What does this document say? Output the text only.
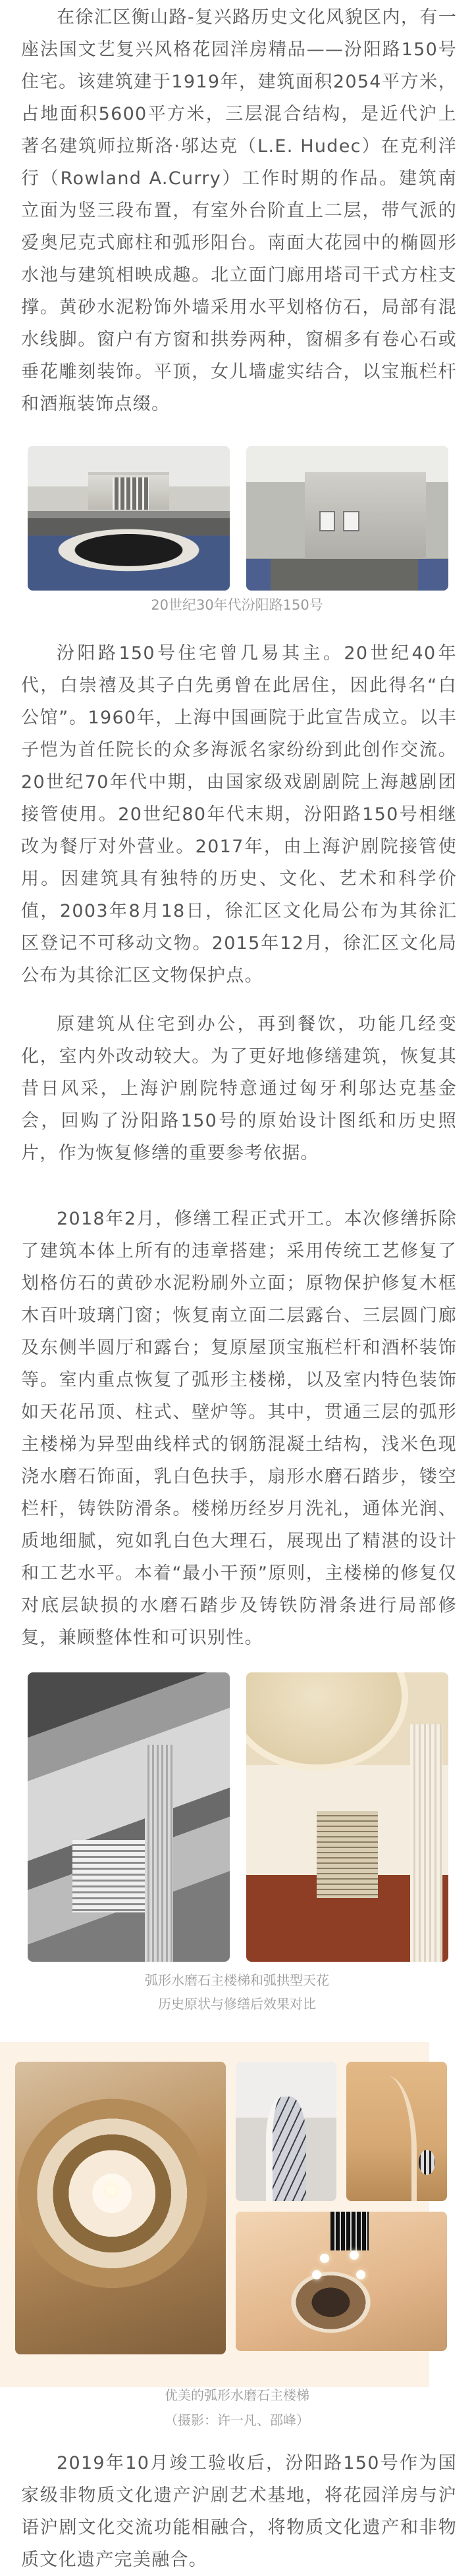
在徐汇区衡山路-复兴路历史文化风貌区内，有一座法国文艺复兴风格花园洋房精品——汾阳路150号住宅。该建筑建于1919年，建筑面积2054平方米，占地面积5600平方米，三层混合结构，是近代沪上著名建筑师拉斯洛·邬达克（L.E. Hudec）在克利洋行（Rowland A.Curry）工作时期的作品。建筑南立面为竖三段布置，有室外台阶直上二层，带气派的爱奥尼克式廊柱和弧形阳台。南面大花园中的椭圆形水池与建筑相映成趣。北立面门廊用塔司干式方柱支撑。黄砂水泥粉饰外墙采用水平划格仿石，局部有混水线脚。窗户有方窗和拱券两种，窗楣多有卷心石或垂花雕刻装饰。平顶，女儿墙虚实结合，以宝瓶栏杆和酒瓶装饰点缀。

20世纪30年代汾阳路150号

汾阳路150号住宅曾几易其主。20世纪40年代，白崇禧及其子白先勇曾在此居住，因此得名“白公馆”。1960年，上海中国画院于此宣告成立。以丰子恺为首任院长的众多海派名家纷纷到此创作交流。20世纪70年代中期，由国家级戏剧剧院上海越剧团接管使用。20世纪80年代末期，汾阳路150号相继改为餐厅对外营业。2017年，由上海沪剧院接管使用。因建筑具有独特的历史、文化、艺术和科学价值，2003年8月18日，徐汇区文化局公布为其徐汇区登记不可移动文物。2015年12月，徐汇区文化局公布为其徐汇区文物保护点。

原建筑从住宅到办公，再到餐饮，功能几经变化，室内外改动较大。为了更好地修缮建筑，恢复其昔日风采，上海沪剧院特意通过匈牙利邬达克基金会，回购了汾阳路150号的原始设计图纸和历史照片，作为恢复修缮的重要参考依据。

2018年2月，修缮工程正式开工。本次修缮拆除了建筑本体上所有的违章搭建；采用传统工艺修复了划格仿石的黄砂水泥粉刷外立面；原物保护修复木框木百叶玻璃门窗；恢复南立面二层露台、三层圆门廊及东侧半圆厅和露台；复原屋顶宝瓶栏杆和酒杯装饰等。室内重点恢复了弧形主楼梯，以及室内特色装饰如天花吊顶、柱式、壁炉等。其中，贯通三层的弧形主楼梯为异型曲线样式的钢筋混凝土结构，浅米色现浇水磨石饰面，乳白色扶手，扇形水磨石踏步，镂空栏杆，铸铁防滑条。楼梯历经岁月洗礼，通体光润、质地细腻，宛如乳白色大理石，展现出了精湛的设计和工艺水平。本着“最小干预”原则，主楼梯的修复仅对底层缺损的水磨石踏步及铸铁防滑条进行局部修复，兼顾整体性和可识别性。

弧形水磨石主楼梯和弧拱型天花
历史原状与修缮后效果对比
优美的弧形水磨石主楼梯
（摄影：许一凡、邵峰）

2019年10月竣工验收后，汾阳路150号作为国家级非物质文化遗产沪剧艺术基地，将花园洋房与沪语沪剧文化交流功能相融合，将物质文化遗产和非物质文化遗产完美融合。
